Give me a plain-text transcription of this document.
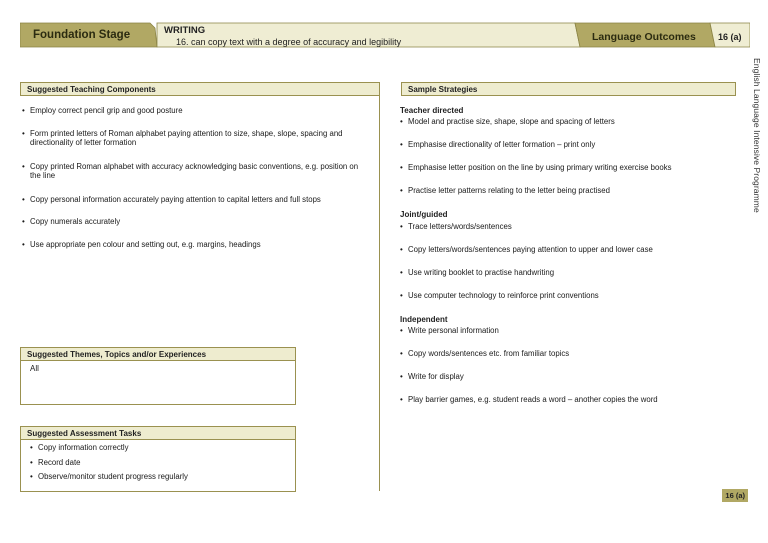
Foundation Stage	WRITING
16. can copy text with a degree of accuracy and legibility	Language Outcomes 16 (a)
English Language Intensive Programme
Suggested Teaching Components
• Employ correct pencil grip and good posture
• Form printed letters of Roman alphabet paying attention to size, shape, slope, spacing and directionality of letter formation
• Copy printed Roman alphabet with accuracy acknowledging basic conventions, e.g. position on the line
• Copy personal information accurately paying attention to capital letters and full stops
• Copy numerals accurately
• Use appropriate pen colour and setting out, e.g. margins, headings
Suggested Themes, Topics and/or Experiences
All
Suggested Assessment Tasks
• Copy information correctly
• Record date
• Observe/monitor student progress regularly
Sample Strategies
Teacher directed
• Model and practise size, shape, slope and spacing of letters
• Emphasise directionality of letter formation – print only
• Emphasise letter position on the line by using primary writing exercise books
• Practise letter patterns relating to the letter being practised
Joint/guided
• Trace letters/words/sentences
• Copy letters/words/sentences paying attention to upper and lower case
• Use writing booklet to practise handwriting
• Use computer technology to reinforce print conventions
Independent
• Write personal information
• Copy words/sentences etc. from familiar topics
• Write for display
• Play barrier games, e.g. student reads a word – another copies the word
16 (a)
